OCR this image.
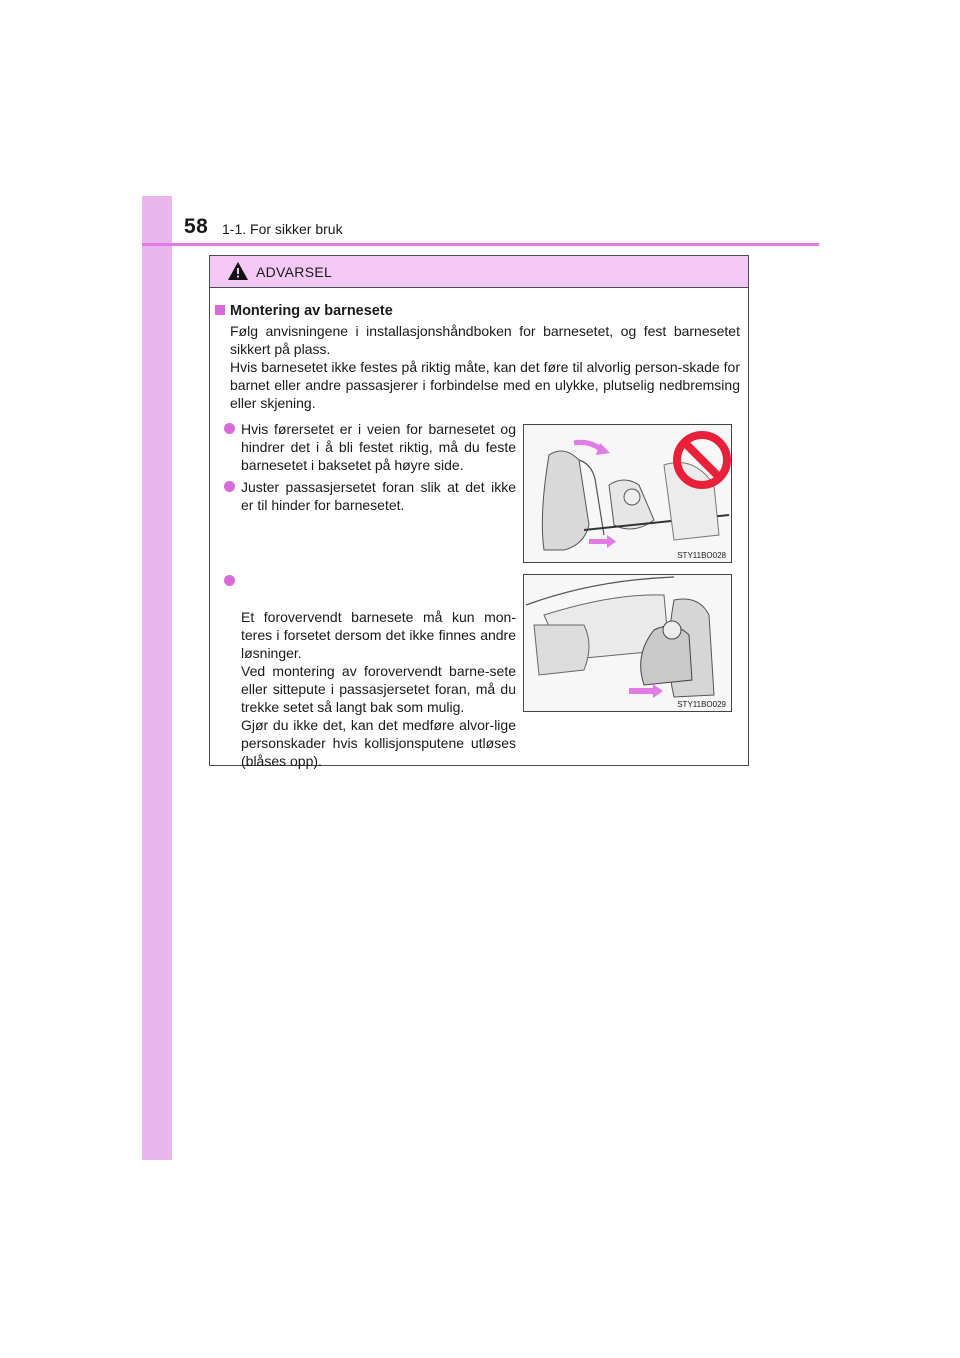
58 1-1. For sikker bruk
ADVARSEL
Montering av barnesete

Følg anvisningene i installasjonshåndboken for barnesetet, og fest barnesetet sikkert på plass.

Hvis barnesetet ikke festes på riktig måte, kan det føre til alvorlig person-skade for barnet eller andre passasjerer i forbindelse med en ulykke, plutselig nedbremsing eller skjening.

Hvis førersetet er i veien for barnesetet og hindrer det i å bli festet riktig, må du feste barnesetet i baksetet på høyre side.
Juster passasjersetet foran slik at det ikke er til hinder for barnesetet.

Et forovervendt barnesete må kun mon-teres i forsetet dersom det ikke finnes andre løsninger.
Ved montering av forovervendt barne-sete eller sittepute i passasjersetet foran, må du trekke setet så langt bak som mulig.
Gjør du ikke det, kan det medføre alvor-lige personskader hvis kollisjonsputene utløses (blåses opp).

STY11BO028
STY11BO029
